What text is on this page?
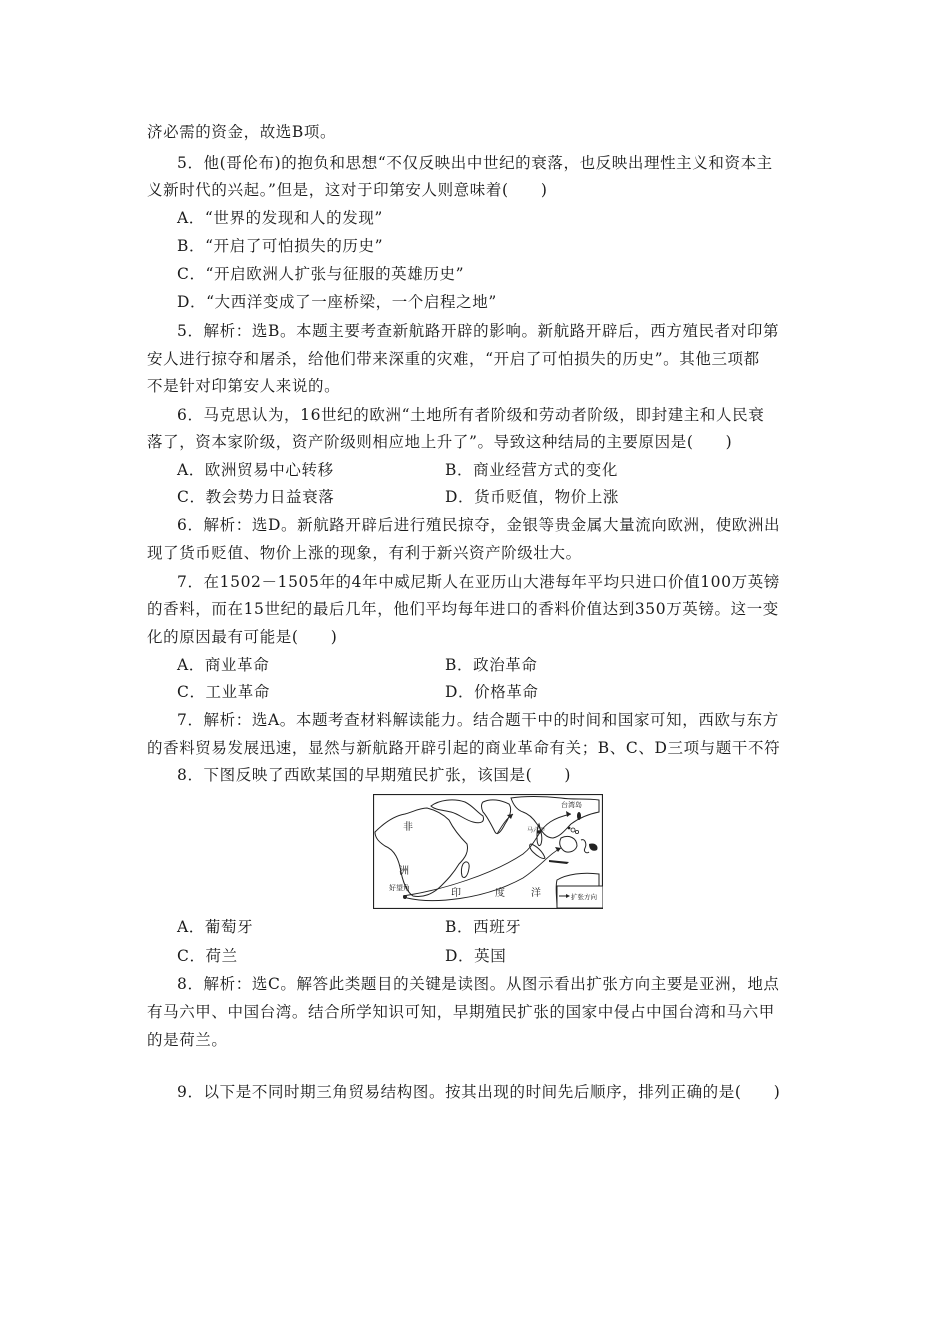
济必需的资金，故选B项。
5．他(哥伦布)的抱负和思想“不仅反映出中世纪的衰落，也反映出理性主义和资本主
义新时代的兴起。”但是，这对于印第安人则意味着(　　)
A．“世界的发现和人的发现”
B．“开启了可怕损失的历史”
C．“开启欧洲人扩张与征服的英雄历史”
D．“大西洋变成了一座桥梁，一个启程之地”
5．解析：选B。本题主要考查新航路开辟的影响。新航路开辟后，西方殖民者对印第
安人进行掠夺和屠杀，给他们带来深重的灾难，“开启了可怕损失的历史”。其他三项都
不是针对印第安人来说的。
6．马克思认为，16世纪的欧洲“土地所有者阶级和劳动者阶级，即封建主和人民衰
落了，资本家阶级，资产阶级则相应地上升了”。导致这种结局的主要原因是(　　)
A．欧洲贸易中心转移	B．商业经营方式的变化
C．教会势力日益衰落	D．货币贬值，物价上涨
6．解析：选D。新航路开辟后进行殖民掠夺，金银等贵金属大量流向欧洲，使欧洲出
现了货币贬值、物价上涨的现象，有利于新兴资产阶级壮大。
7．在1502－1505年的4年中威尼斯人在亚历山大港每年平均只进口价值100万英镑
的香料，而在15世纪的最后几年，他们平均每年进口的香料价值达到350万英镑。这一变
化的原因最有可能是(　　)
A．商业革命	B．政治革命
C．工业革命	D．价格革命
7．解析：选A。本题考查材料解读能力。结合题干中的时间和国家可知，西欧与东方
的香料贸易发展迅速，显然与新航路开辟引起的商业革命有关；B、C、D三项与题干不符
8．下图反映了西欧某国的早期殖民扩张，该国是(　　)
非
洲
台湾岛
马六甲
好望角	印	度	洋	扩张方向
A．葡萄牙	B．西班牙
C．荷兰	D．英国
8．解析：选C。解答此类题目的关键是读图。从图示看出扩张方向主要是亚洲，地点
有马六甲、中国台湾。结合所学知识可知，早期殖民扩张的国家中侵占中国台湾和马六甲
的是荷兰。
9．以下是不同时期三角贸易结构图。按其出现的时间先后顺序，排列正确的是(　　)
